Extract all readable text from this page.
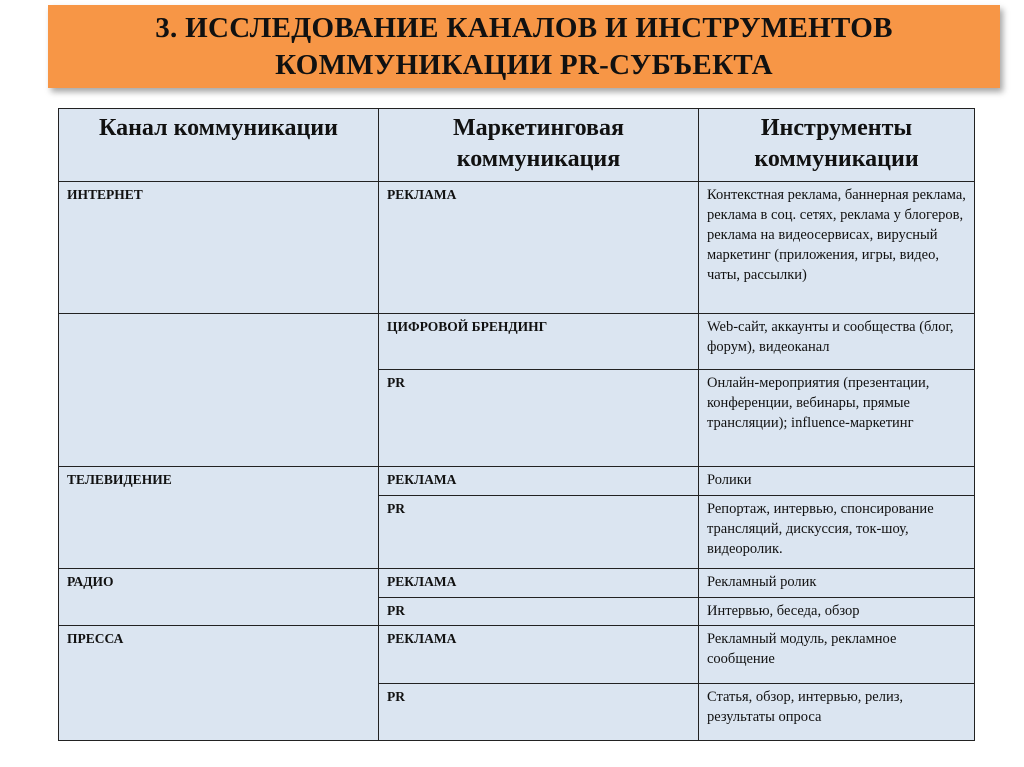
3. ИССЛЕДОВАНИЕ КАНАЛОВ И ИНСТРУМЕНТОВ
КОММУНИКАЦИИ PR-СУБЪЕКТА
Канал коммуникации	Маркетинговая коммуникация	Инструменты коммуникации
ИНТЕРНЕТ	РЕКЛАМА	Контекстная реклама, баннерная реклама, реклама в соц. сетях, реклама у блогеров, реклама на видеосервисах, вирусный маркетинг (приложения, игры, видео, чаты, рассылки)
	ЦИФРОВОЙ БРЕНДИНГ	Web-сайт, аккаунты и сообщества (блог, форум), видеоканал
	PR	Онлайн-мероприятия (презентации, конференции, вебинары, прямые трансляции); influence-маркетинг
ТЕЛЕВИДЕНИЕ	РЕКЛАМА	Ролики
	PR	Репортаж, интервью, спонсирование трансляций, дискуссия, ток-шоу, видеоролик.
РАДИО	РЕКЛАМА	Рекламный ролик
	PR	Интервью, беседа, обзор
ПРЕССА	РЕКЛАМА	Рекламный модуль, рекламное сообщение
	PR	Статья, обзор, интервью, релиз, результаты опроса
